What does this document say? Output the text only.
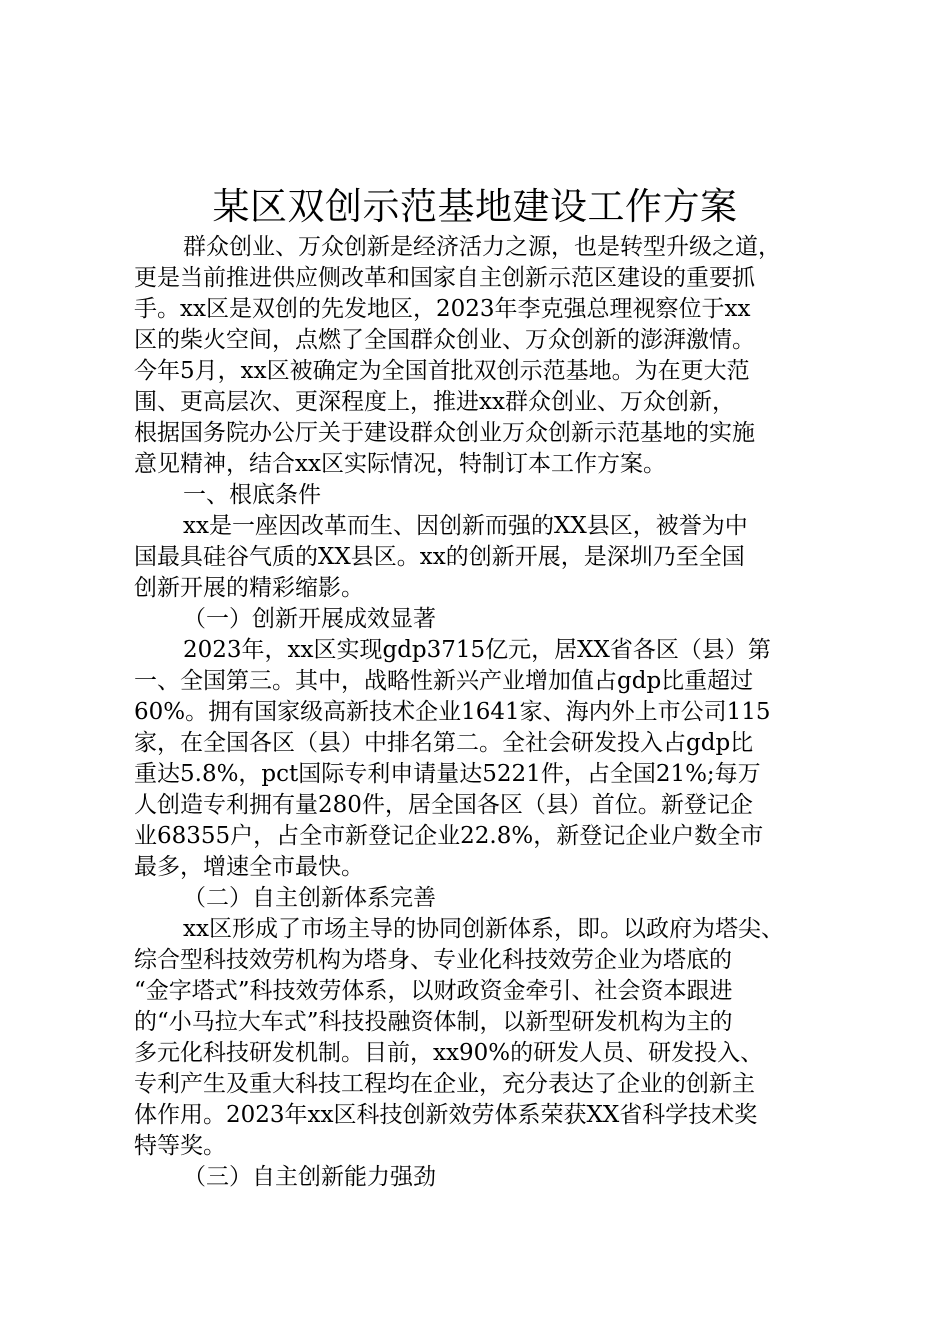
某区双创示范基地建设工作方案
群众创业、万众创新是经济活力之源，也是转型升级之道，
更是当前推进供应侧改革和国家自主创新示范区建设的重要抓
手。xx区是双创的先发地区，2023年李克强总理视察位于xx
区的柴火空间，点燃了全国群众创业、万众创新的澎湃激情。
今年5月，xx区被确定为全国首批双创示范基地。为在更大范
围、更高层次、更深程度上，推进xx群众创业、万众创新，
根据国务院办公厅关于建设群众创业万众创新示范基地的实施
意见精神，结合xx区实际情况，特制订本工作方案。
一、根底条件
xx是一座因改革而生、因创新而强的XX县区，被誉为中
国最具硅谷气质的XX县区。xx的创新开展，是深圳乃至全国
创新开展的精彩缩影。
（一）创新开展成效显著
2023年，xx区实现gdp3715亿元，居XX省各区（县）第
一、全国第三。其中，战略性新兴产业增加值占gdp比重超过
60%。拥有国家级高新技术企业1641家、海内外上市公司115
家，在全国各区（县）中排名第二。全社会研发投入占gdp比
重达5.8%，pct国际专利申请量达5221件，占全国21%;每万
人创造专利拥有量280件，居全国各区（县）首位。新登记企
业68355户，占全市新登记企业22.8%，新登记企业户数全市
最多，增速全市最快。
（二）自主创新体系完善
xx区形成了市场主导的协同创新体系，即。以政府为塔尖、
综合型科技效劳机构为塔身、专业化科技效劳企业为塔底的
“金字塔式”科技效劳体系，以财政资金牵引、社会资本跟进
的“小马拉大车式”科技投融资体制，以新型研发机构为主的
多元化科技研发机制。目前，xx90%的研发人员、研发投入、
专利产生及重大科技工程均在企业，充分表达了企业的创新主
体作用。2023年xx区科技创新效劳体系荣获XX省科学技术奖
特等奖。
（三）自主创新能力强劲
